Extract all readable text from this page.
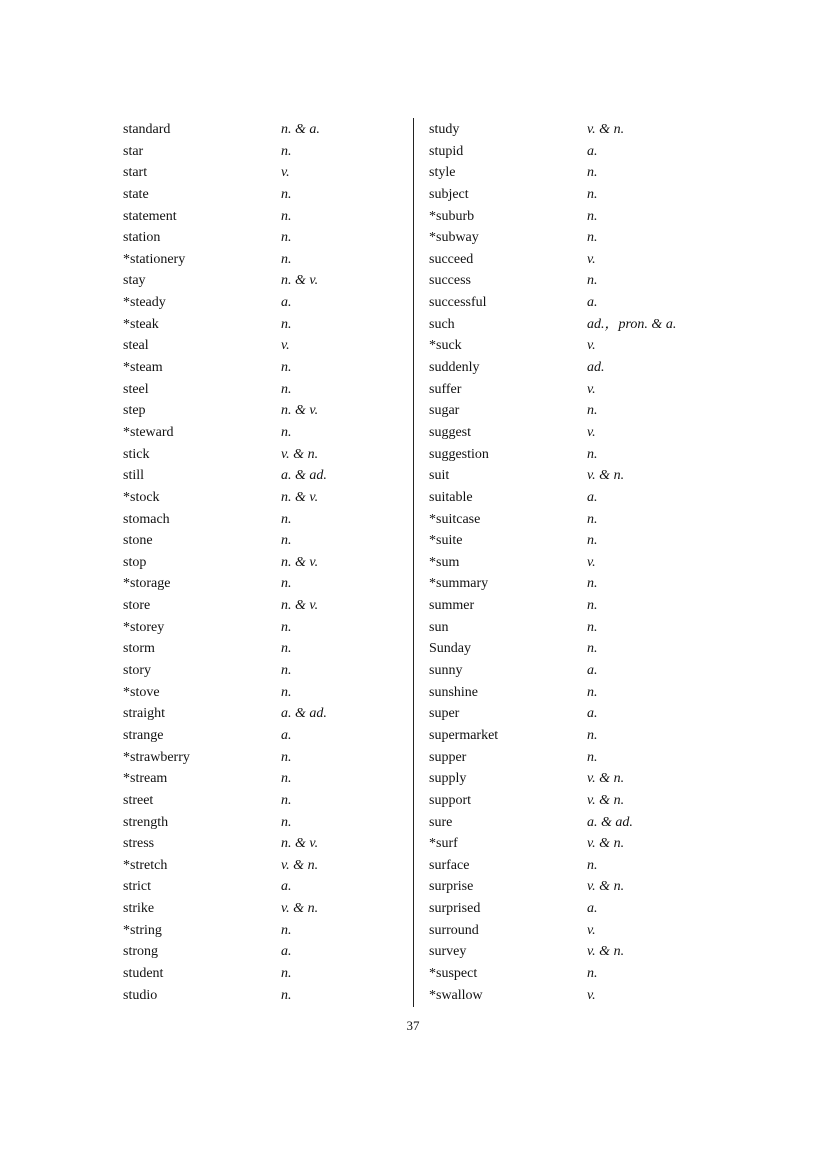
standard	n. & a.
star	n.
start	v.
state	n.
statement	n.
station	n.
*stationery	n.
stay	n. & v.
*steady	a.
*steak	n.
steal	v.
*steam	n.
steel	n.
step	n. & v.
*steward	n.
stick	v. & n.
still	a. & ad.
*stock	n. & v.
stomach	n.
stone	n.
stop	n. & v.
*storage	n.
store	n. & v.
*storey	n.
storm	n.
story	n.
*stove	n.
straight	a. & ad.
strange	a.
*strawberry	n.
*stream	n.
street	n.
strength	n.
stress	n. & v.
*stretch	v. & n.
strict	a.
strike	v. & n.
*string	n.
strong	a.
student	n.
studio	n.
study	v. & n.
stupid	a.
style	n.
subject	n.
*suburb	n.
*subway	n.
succeed	v.
success	n.
successful	a.
such	ad.，pron. & a.
*suck	v.
suddenly	ad.
suffer	v.
sugar	n.
suggest	v.
suggestion	n.
suit	v. & n.
suitable	a.
*suitcase	n.
*suite	n.
*sum	v.
*summary	n.
summer	n.
sun	n.
Sunday	n.
sunny	a.
sunshine	n.
super	a.
supermarket	n.
supper	n.
supply	v. & n.
support	v. & n.
sure	a. & ad.
*surf	v. & n.
surface	n.
surprise	v. & n.
surprised	a.
surround	v.
survey	v. & n.
*suspect	n.
*swallow	v.
37
